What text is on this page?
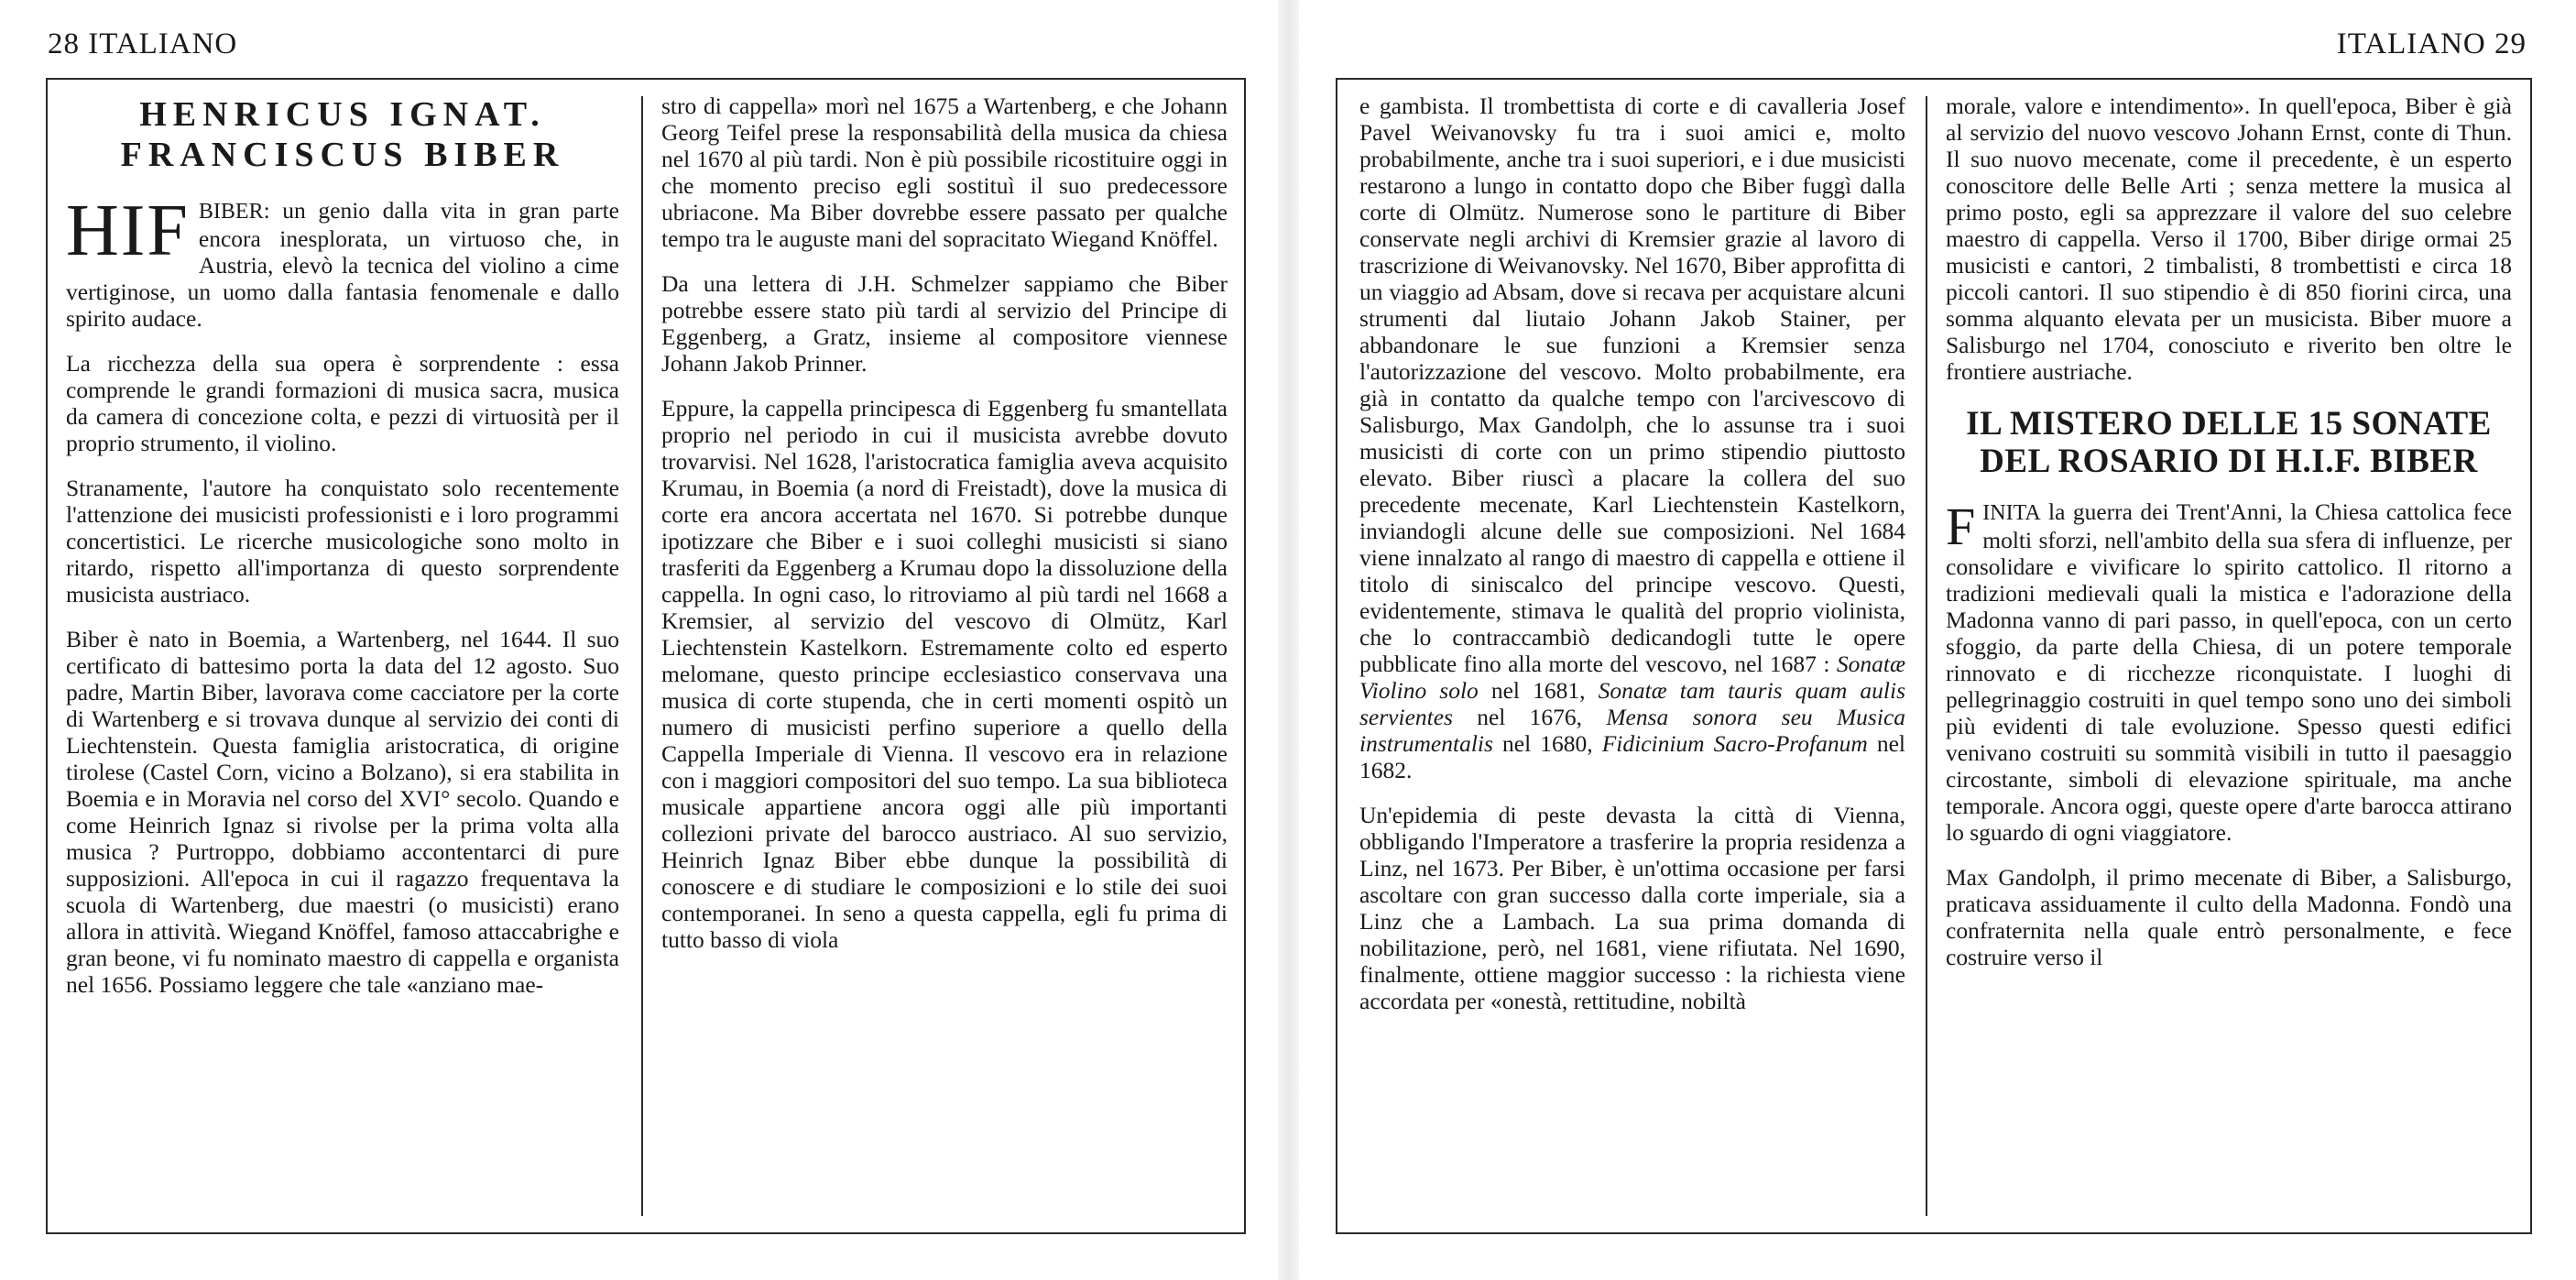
28 ITALIANO
HENRICUS IGNAT. FRANCISCUS BIBER

HIF BIBER: un genio dalla vita in gran parte encora inesplorata, un virtuoso che, in Austria, elevò la tecnica del violino a cime vertiginose, un uomo dalla fantasia fenomenale e dallo spirito audace.

La ricchezza della sua opera è sorprendente : essa comprende le grandi formazioni di musica sacra, musica da camera di concezione colta, e pezzi di virtuosità per il proprio strumento, il violino.

Stranamente, l'autore ha conquistato solo recentemente l'attenzione dei musicisti professionisti e i loro programmi concertistici. Le ricerche musicologiche sono molto in ritardo, rispetto all'importanza di questo sorprendente musicista austriaco.

Biber è nato in Boemia, a Wartenberg, nel 1644. Il suo certificato di battesimo porta la data del 12 agosto. Suo padre, Martin Biber, lavorava come cacciatore per la corte di Wartenberg e si trovava dunque al servizio dei conti di Liechtenstein. Questa famiglia aristocratica, di origine tirolese (Castel Corn, vicino a Bolzano), si era stabilita in Boemia e in Moravia nel corso del XVI° secolo. Quando e come Heinrich Ignaz si rivolse per la prima volta alla musica ? Purtroppo, dobbiamo accontentarci di pure supposizioni. All'epoca in cui il ragazzo frequentava la scuola di Wartenberg, due maestri (o musicisti) erano allora in attività. Wiegand Knöffel, famoso attaccabrighe e gran beone, vi fu nominato maestro di cappella e organista nel 1656. Possiamo leggere che tale «anziano mae-

stro di cappella» morì nel 1675 a Wartenberg, e che Johann Georg Teifel prese la responsabilità della musica da chiesa nel 1670 al più tardi. Non è più possibile ricostituire oggi in che momento preciso egli sostituì il suo predecessore ubriacone. Ma Biber dovrebbe essere passato per qualche tempo tra le auguste mani del sopracitato Wiegand Knöffel.

Da una lettera di J.H. Schmelzer sappiamo che Biber potrebbe essere stato più tardi al servizio del Principe di Eggenberg, a Gratz, insieme al compositore viennese Johann Jakob Prinner.

Eppure, la cappella principesca di Eggenberg fu smantellata proprio nel periodo in cui il musicista avrebbe dovuto trovarvisi. Nel 1628, l'aristocratica famiglia aveva acquisito Krumau, in Boemia (a nord di Freistadt), dove la musica di corte era ancora accertata nel 1670. Si potrebbe dunque ipotizzare che Biber e i suoi colleghi musicisti si siano trasferiti da Eggenberg a Krumau dopo la dissoluzione della cappella. In ogni caso, lo ritroviamo al più tardi nel 1668 a Kremsier, al servizio del vescovo di Olmütz, Karl Liechtenstein Kastelkorn. Estremamente colto ed esperto melomane, questo principe ecclesiastico conservava una musica di corte stupenda, che in certi momenti ospitò un numero di musicisti perfino superiore a quello della Cappella Imperiale di Vienna. Il vescovo era in relazione con i maggiori compositori del suo tempo. La sua biblioteca musicale appartiene ancora oggi alle più importanti collezioni private del barocco austriaco. Al suo servizio, Heinrich Ignaz Biber ebbe dunque la possibilità di conoscere e di studiare le composizioni e lo stile dei suoi contemporanei. In seno a questa cappella, egli fu prima di tutto basso di viola

ITALIANO 29

e gambista. Il trombettista di corte e di cavalleria Josef Pavel Weivanovsky fu tra i suoi amici e, molto probabilmente, anche tra i suoi superiori, e i due musicisti restarono a lungo in contatto dopo che Biber fuggì dalla corte di Olmütz. Numerose sono le partiture di Biber conservate negli archivi di Kremsier grazie al lavoro di trascrizione di Weivanovsky. Nel 1670, Biber approfitta di un viaggio ad Absam, dove si recava per acquistare alcuni strumenti dal liutaio Johann Jakob Stainer, per abbandonare le sue funzioni a Kremsier senza l'autorizzazione del vescovo. Molto probabilmente, era già in contatto da qualche tempo con l'arcivescovo di Salisburgo, Max Gandolph, che lo assunse tra i suoi musicisti di corte con un primo stipendio piuttosto elevato. Biber riuscì a placare la collera del suo precedente mecenate, Karl Liechtenstein Kastelkorn, inviandogli alcune delle sue composizioni. Nel 1684 viene innalzato al rango di maestro di cappella e ottiene il titolo di siniscalco del principe vescovo. Questi, evidentemente, stimava le qualità del proprio violinista, che lo contraccambiò dedicandogli tutte le opere pubblicate fino alla morte del vescovo, nel 1687 : Sonatæ Violino solo nel 1681, Sonatæ tam tauris quam aulis servientes nel 1676, Mensa sonora seu Musica instrumentalis nel 1680, Fidicinium Sacro-Profanum nel 1682.

Un'epidemia di peste devasta la città di Vienna, obbligando l'Imperatore a trasferire la propria residenza a Linz, nel 1673. Per Biber, è un'ottima occasione per farsi ascoltare con gran successo dalla corte imperiale, sia a Linz che a Lambach. La sua prima domanda di nobilitazione, però, nel 1681, viene rifiutata. Nel 1690, finalmente, ottiene maggior successo : la richiesta viene accordata per «onestà, rettitudine, nobiltà

morale, valore e intendimento». In quell'epoca, Biber è già al servizio del nuovo vescovo Johann Ernst, conte di Thun. Il suo nuovo mecenate, come il precedente, è un esperto conoscitore delle Belle Arti ; senza mettere la musica al primo posto, egli sa apprezzare il valore del suo celebre maestro di cappella. Verso il 1700, Biber dirige ormai 25 musicisti e cantori, 2 timbalisti, 8 trombettisti e circa 18 piccoli cantori. Il suo stipendio è di 850 fiorini circa, una somma alquanto elevata per un musicista. Biber muore a Salisburgo nel 1704, conosciuto e riverito ben oltre le frontiere austriache.

IL MISTERO DELLE 15 SONATE DEL ROSARIO DI H.I.F. BIBER

FINITA la guerra dei Trent'Anni, la Chiesa cattolica fece molti sforzi, nell'ambito della sua sfera di influenze, per consolidare e vivificare lo spirito cattolico. Il ritorno a tradizioni medievali quali la mistica e l'adorazione della Madonna vanno di pari passo, in quell'epoca, con un certo sfoggio, da parte della Chiesa, di un potere temporale rinnovato e di ricchezze riconquistate. I luoghi di pellegrinaggio costruiti in quel tempo sono uno dei simboli più evidenti di tale evoluzione. Spesso questi edifici venivano costruiti su sommità visibili in tutto il paesaggio circostante, simboli di elevazione spirituale, ma anche temporale. Ancora oggi, queste opere d'arte barocca attirano lo sguardo di ogni viaggiatore.

Max Gandolph, il primo mecenate di Biber, a Salisburgo, praticava assiduamente il culto della Madonna. Fondò una confraternita nella quale entrò personalmente, e fece costruire verso il
